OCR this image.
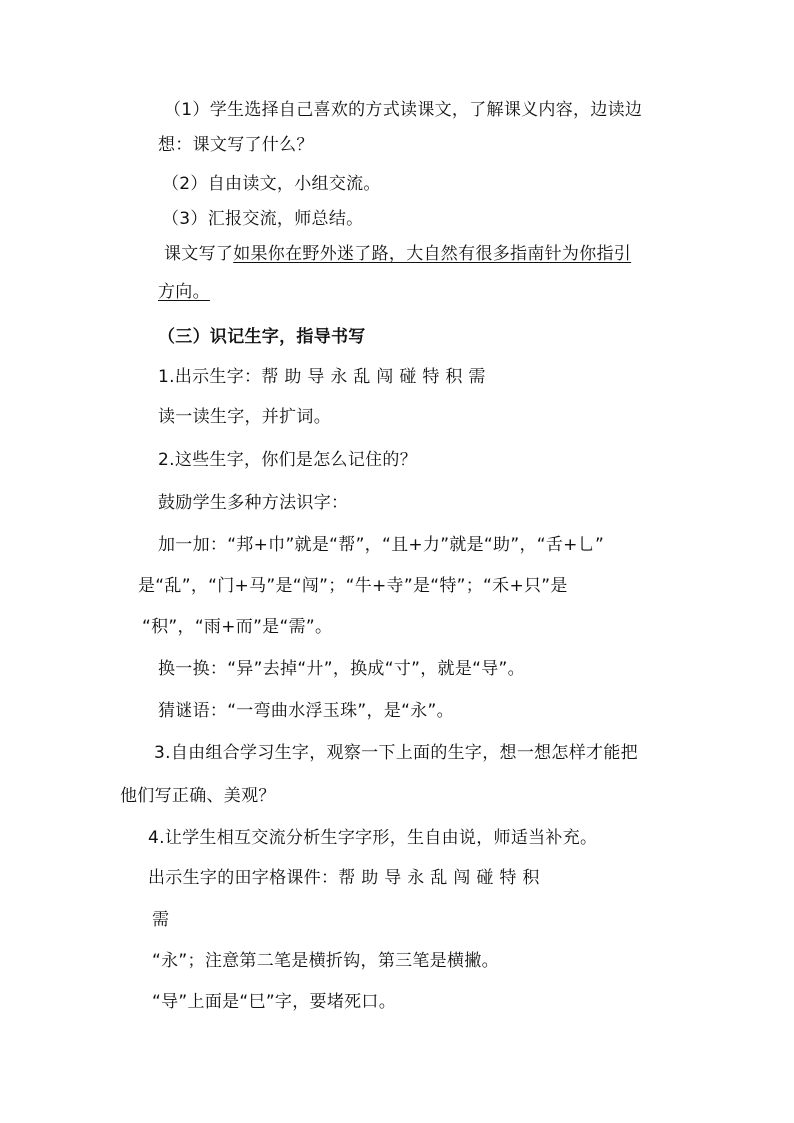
（1）学生选择自己喜欢的方式读课文，了解课义内容，边读边
想：课文写了什么？
（2）自由读文，小组交流。
（3）汇报交流，师总结。
课文写了如果你在野外迷了路，大自然有很多指南针为你指引
方向。
（三）识记生字，指导书写
1.出示生字：帮 助 导 永 乱 闯 碰 特 积 需
读一读生字，并扩词。
2.这些生字，你们是怎么记住的？
鼓励学生多种方法识字：
加一加：“邦+巾”就是“帮”，“且+力”就是“助”，“舌+乚”
是“乱”，“门+马”是“闯”；“牛+寺”是“特”；“禾+只”是
“积”，“雨+而”是“需”。
换一换：“异”去掉“廾”，换成“寸”，就是“导”。
猜谜语：“一弯曲水浮玉珠”，是“永”。
3.自由组合学习生字，观察一下上面的生字，想一想怎样才能把
他们写正确、美观？
4.让学生相互交流分析生字字形，生自由说，师适当补充。
出示生字的田字格课件：帮 助 导 永 乱 闯 碰 特 积
需
“永”；注意第二笔是横折钩，第三笔是横撇。
“导”上面是“巳”字，要堵死口。
